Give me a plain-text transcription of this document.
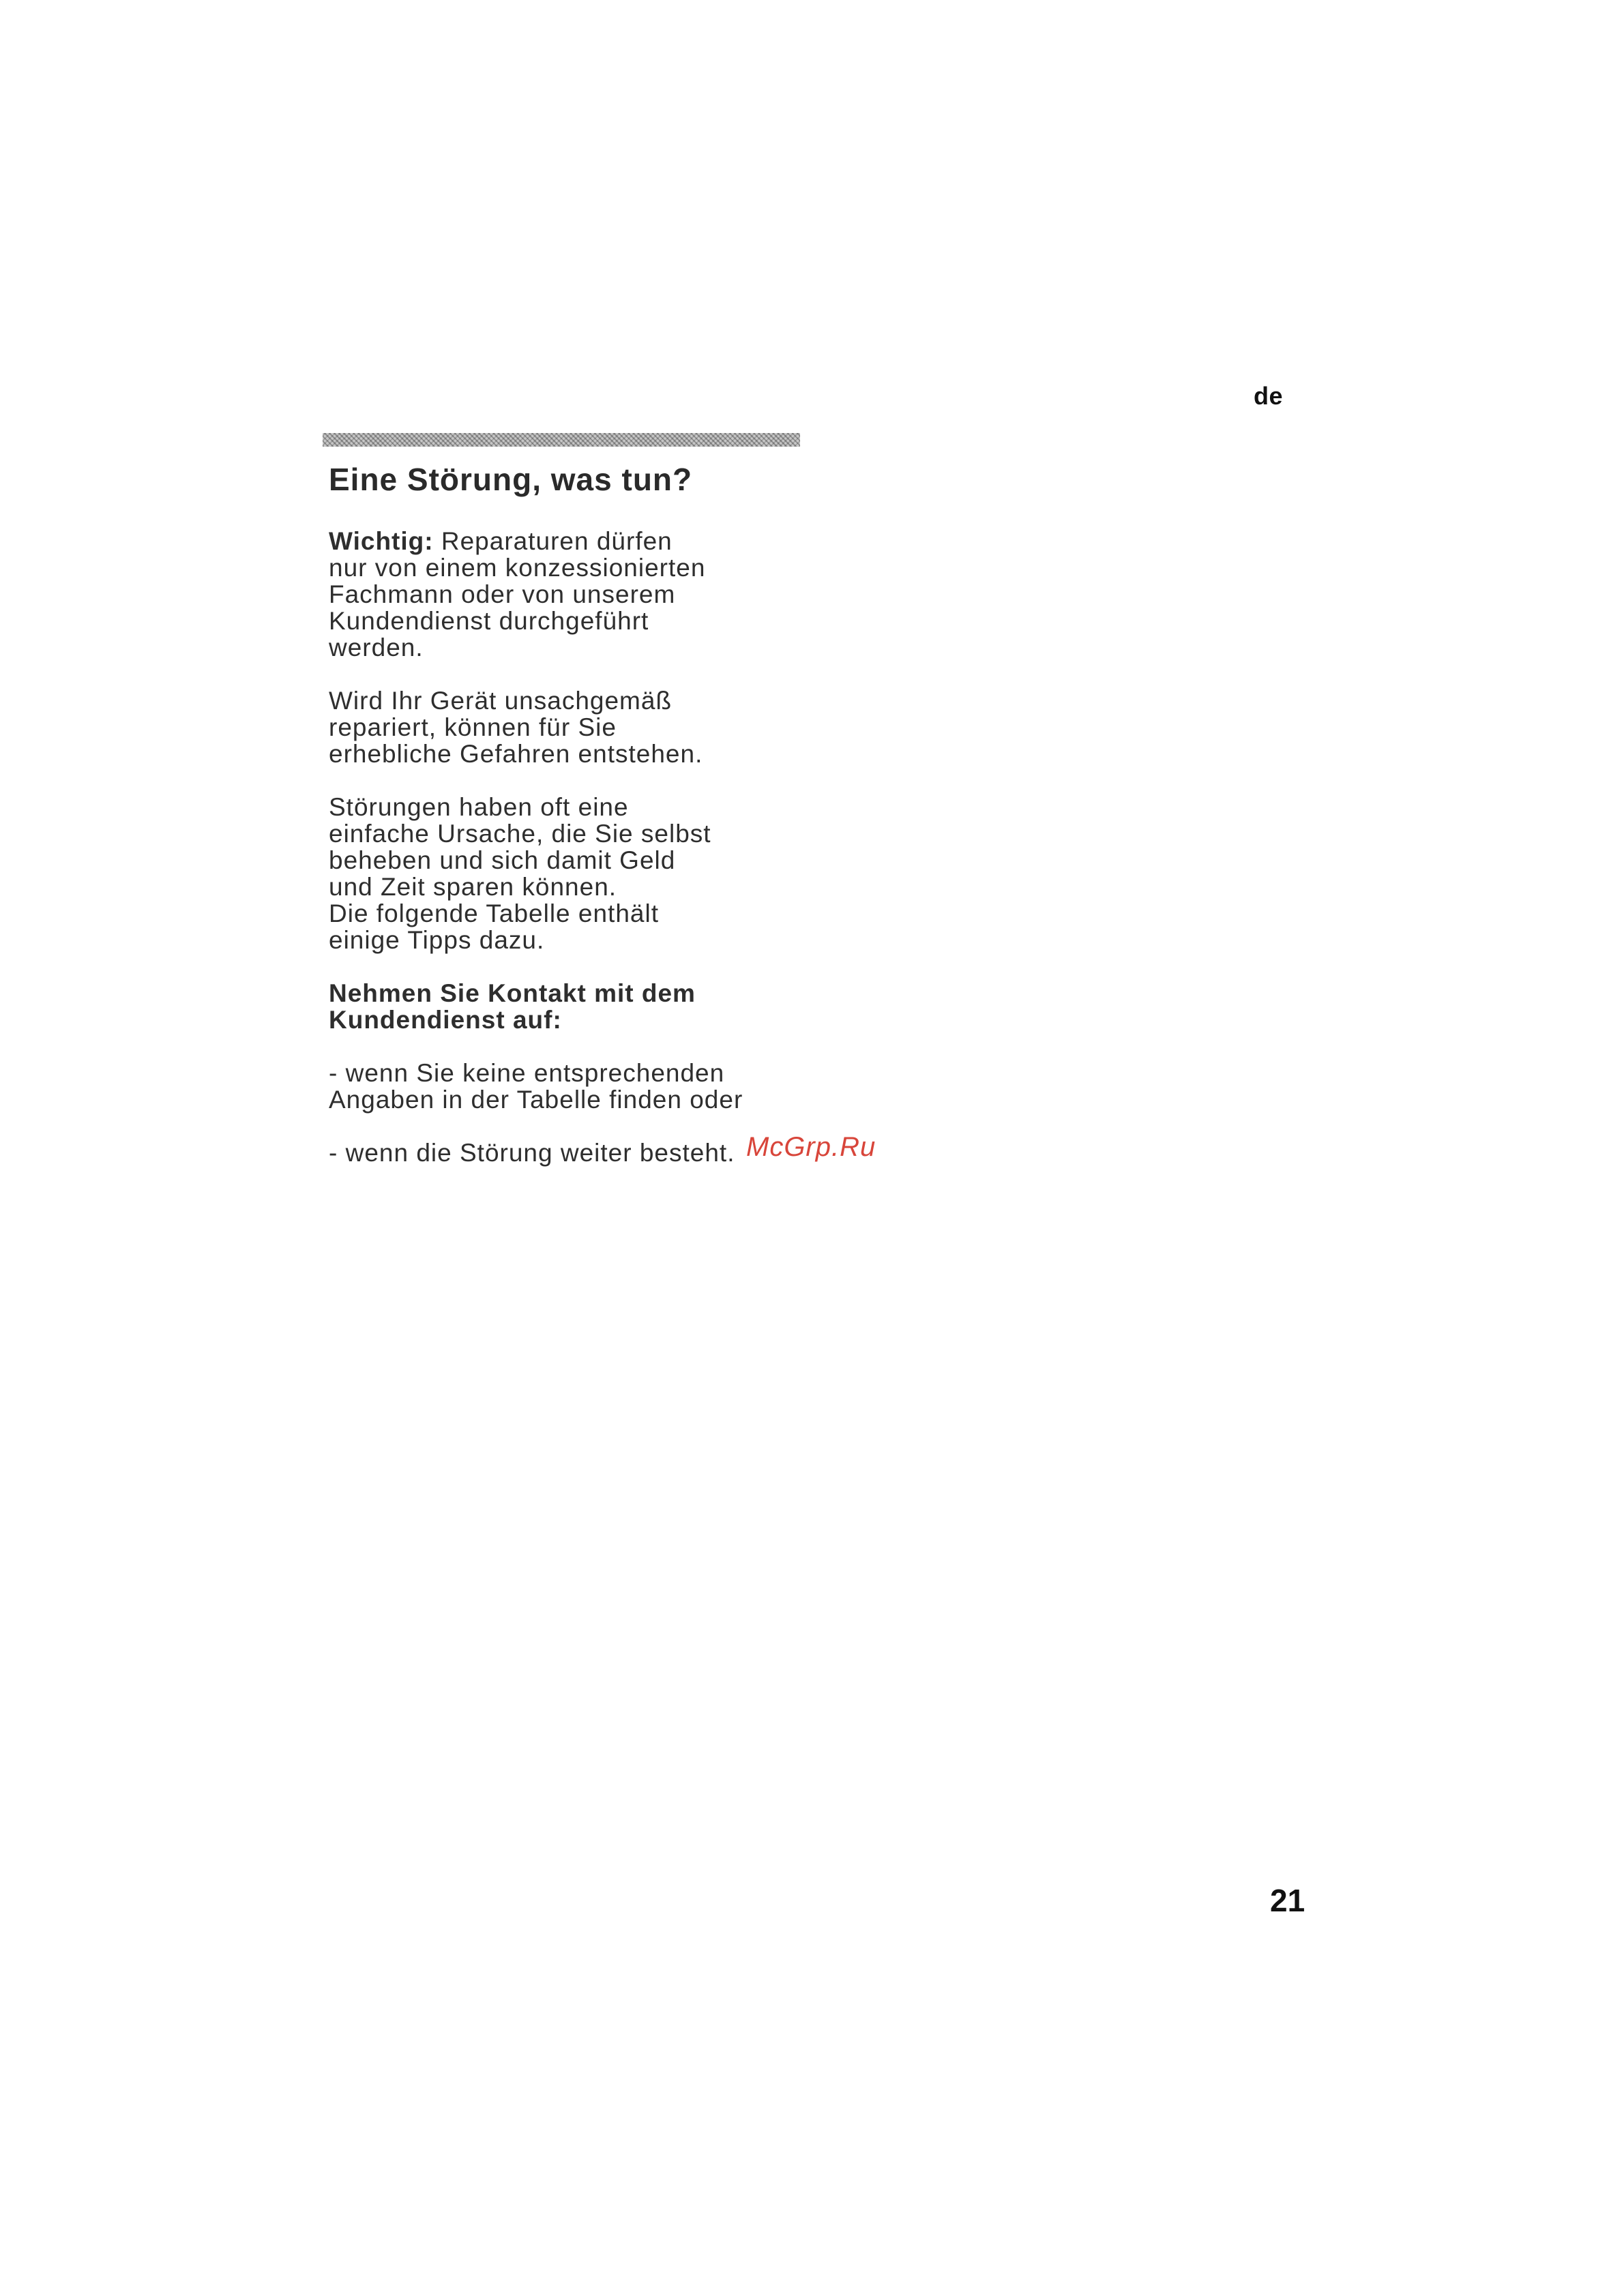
de
Eine Störung, was tun?

Wichtig: Reparaturen dürfen
nur von einem konzessionierten
Fachmann oder von unserem
Kundendienst durchgeführt
werden.

Wird Ihr Gerät unsachgemäß
repariert, können für Sie
erhebliche Gefahren entstehen.

Störungen haben oft eine
einfache Ursache, die Sie selbst
beheben und sich damit Geld
und Zeit sparen können.
Die folgende Tabelle enthält
einige Tipps dazu.

Nehmen Sie Kontakt mit dem
Kundendienst auf:

- wenn Sie keine entsprechenden
Angaben in der Tabelle finden oder

- wenn die Störung weiter besteht. McGrp.Ru
21
